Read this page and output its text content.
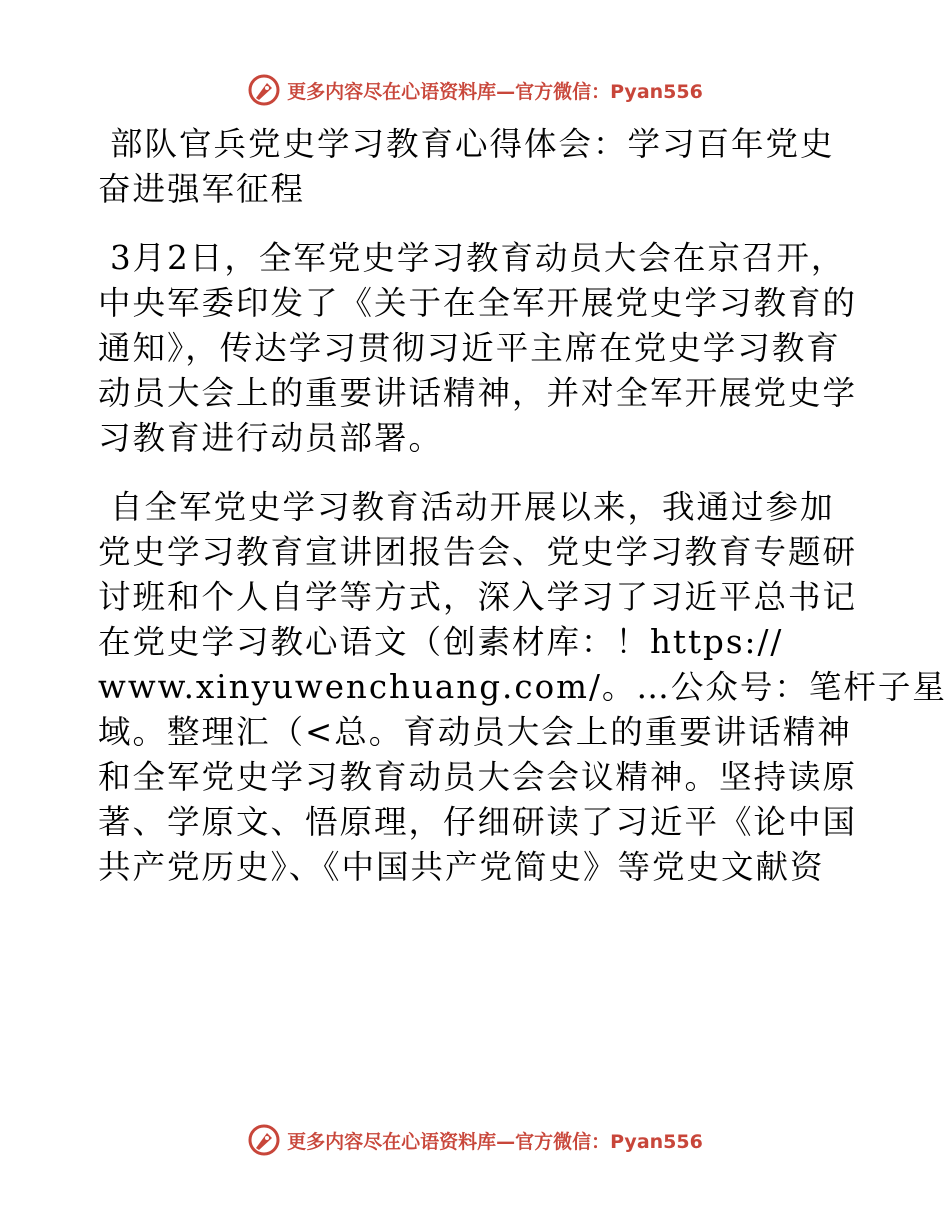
更多内容尽在心语资料库—官方微信：Pyan556
部队官兵党史学习教育心得体会：学习百年党史
奋进强军征程
3月2日，全军党史学习教育动员大会在京召开，
中央军委印发了《关于在全军开展党史学习教育的
通知》，传达学习贯彻习近平主席在党史学习教育
动员大会上的重要讲话精神，并对全军开展党史学
习教育进行动员部署。
自全军党史学习教育活动开展以来，我通过参加
党史学习教育宣讲团报告会、党史学习教育专题研
讨班和个人自学等方式，深入学习了习近平总书记
在党史学习教心语文（创素材库：！https://
www.xinyuwenchuang.com/。…公众号：笔杆子星
域。整理汇（<总。育动员大会上的重要讲话精神
和全军党史学习教育动员大会会议精神。坚持读原
著、学原文、悟原理，仔细研读了习近平《论中国
共产党历史》、《中国共产党简史》等党史文献资
更多内容尽在心语资料库—官方微信：Pyan556
